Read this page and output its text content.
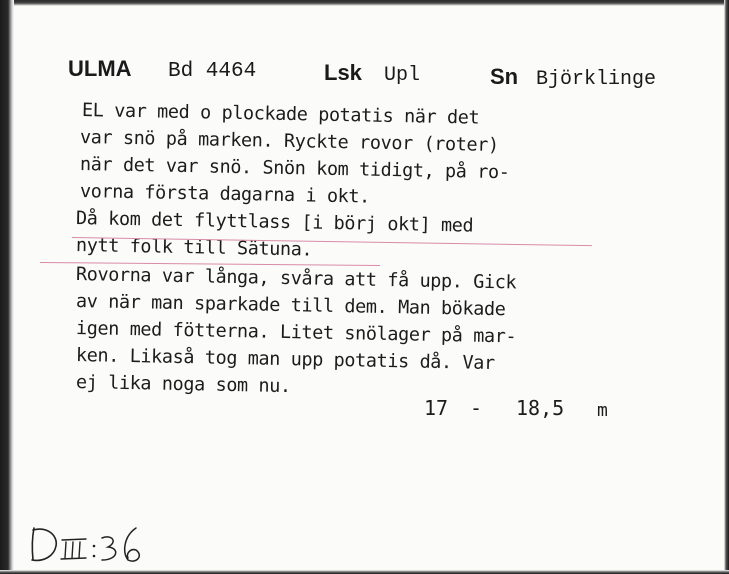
ULMA Bd 4464	Lsk Upl	Sn Björklinge
EL var med o plockade potatis när det
var snö på marken. Ryckte rovor (roter)
när det var snö. Snön kom tidigt, på ro-
vorna första dagarna i okt.
Då kom det flyttlass [i börj okt] med
nytt folk till Sätuna.
Rovorna var långa, svåra att få upp. Gick
av när man sparkade till dem. Man bökade
igen med fötterna. Litet snölager på mar-
ken. Likaså tog man upp potatis då. Var
ej lika noga som nu.
17 - 18,5 m
